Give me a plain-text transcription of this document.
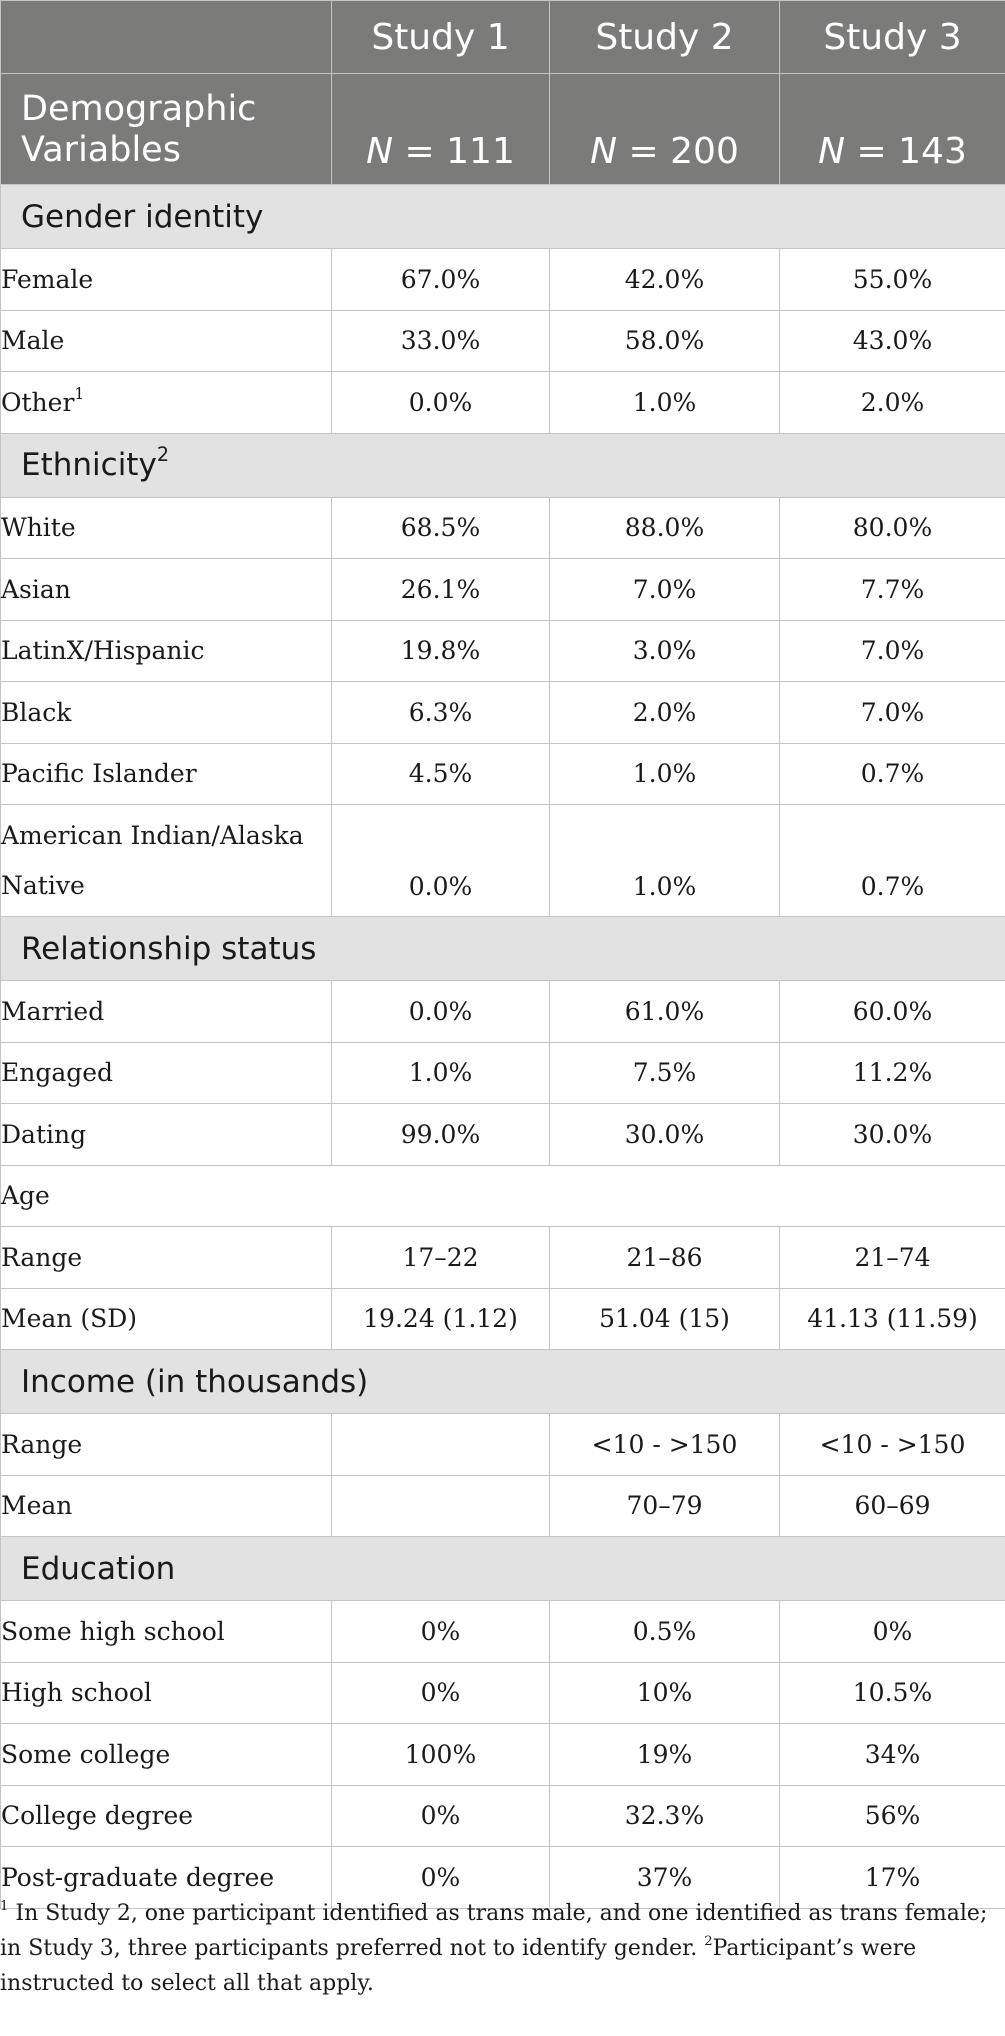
	Study 1	Study 2	Study 3
Demographic Variables	N = 111	N = 200	N = 143
Gender identity			
Female	67.0%	42.0%	55.0%
Male	33.0%	58.0%	43.0%
Other$^1$	0.0%	1.0%	2.0%
Ethnicity$^2$
White	68.5%	88.0%	80.0%
Asian	26.1%	7.0%	7.7%
LatinX/Hispanic	19.8%	3.0%	7.0%
Black	6.3%	2.0%	7.0%
Pacific Islander	4.5%	1.0%	0.7%
American Indian/Alaska Native	0.0%	1.0%	0.7%
Relationship status			
Married	0.0%	61.0%	60.0%
Engaged	1.0%	7.5%	11.2%
Dating	99.0%	30.0%	30.0%
Age			
Range	17–22	21–86	21–74
Mean (SD)	19.24 (1.12)	51.04 (15)	41.13 (11.59)
Income (in thousands)			
Range		<10 - >150	<10 - >150
Mean		70–79	60–69
Education			
Some high school	0%	0.5%	0%
High school	0%	10%	10.5%
Some college	100%	19%	34%
College degree	0%	32.3%	56%
Post-graduate degree	0%	37%	17%
$^1$ In Study 2, one participant identified as trans male, and one identified as trans female; in Study 3, three participants preferred not to identify gender. $^2$Participant’s were instructed to select all that apply.
